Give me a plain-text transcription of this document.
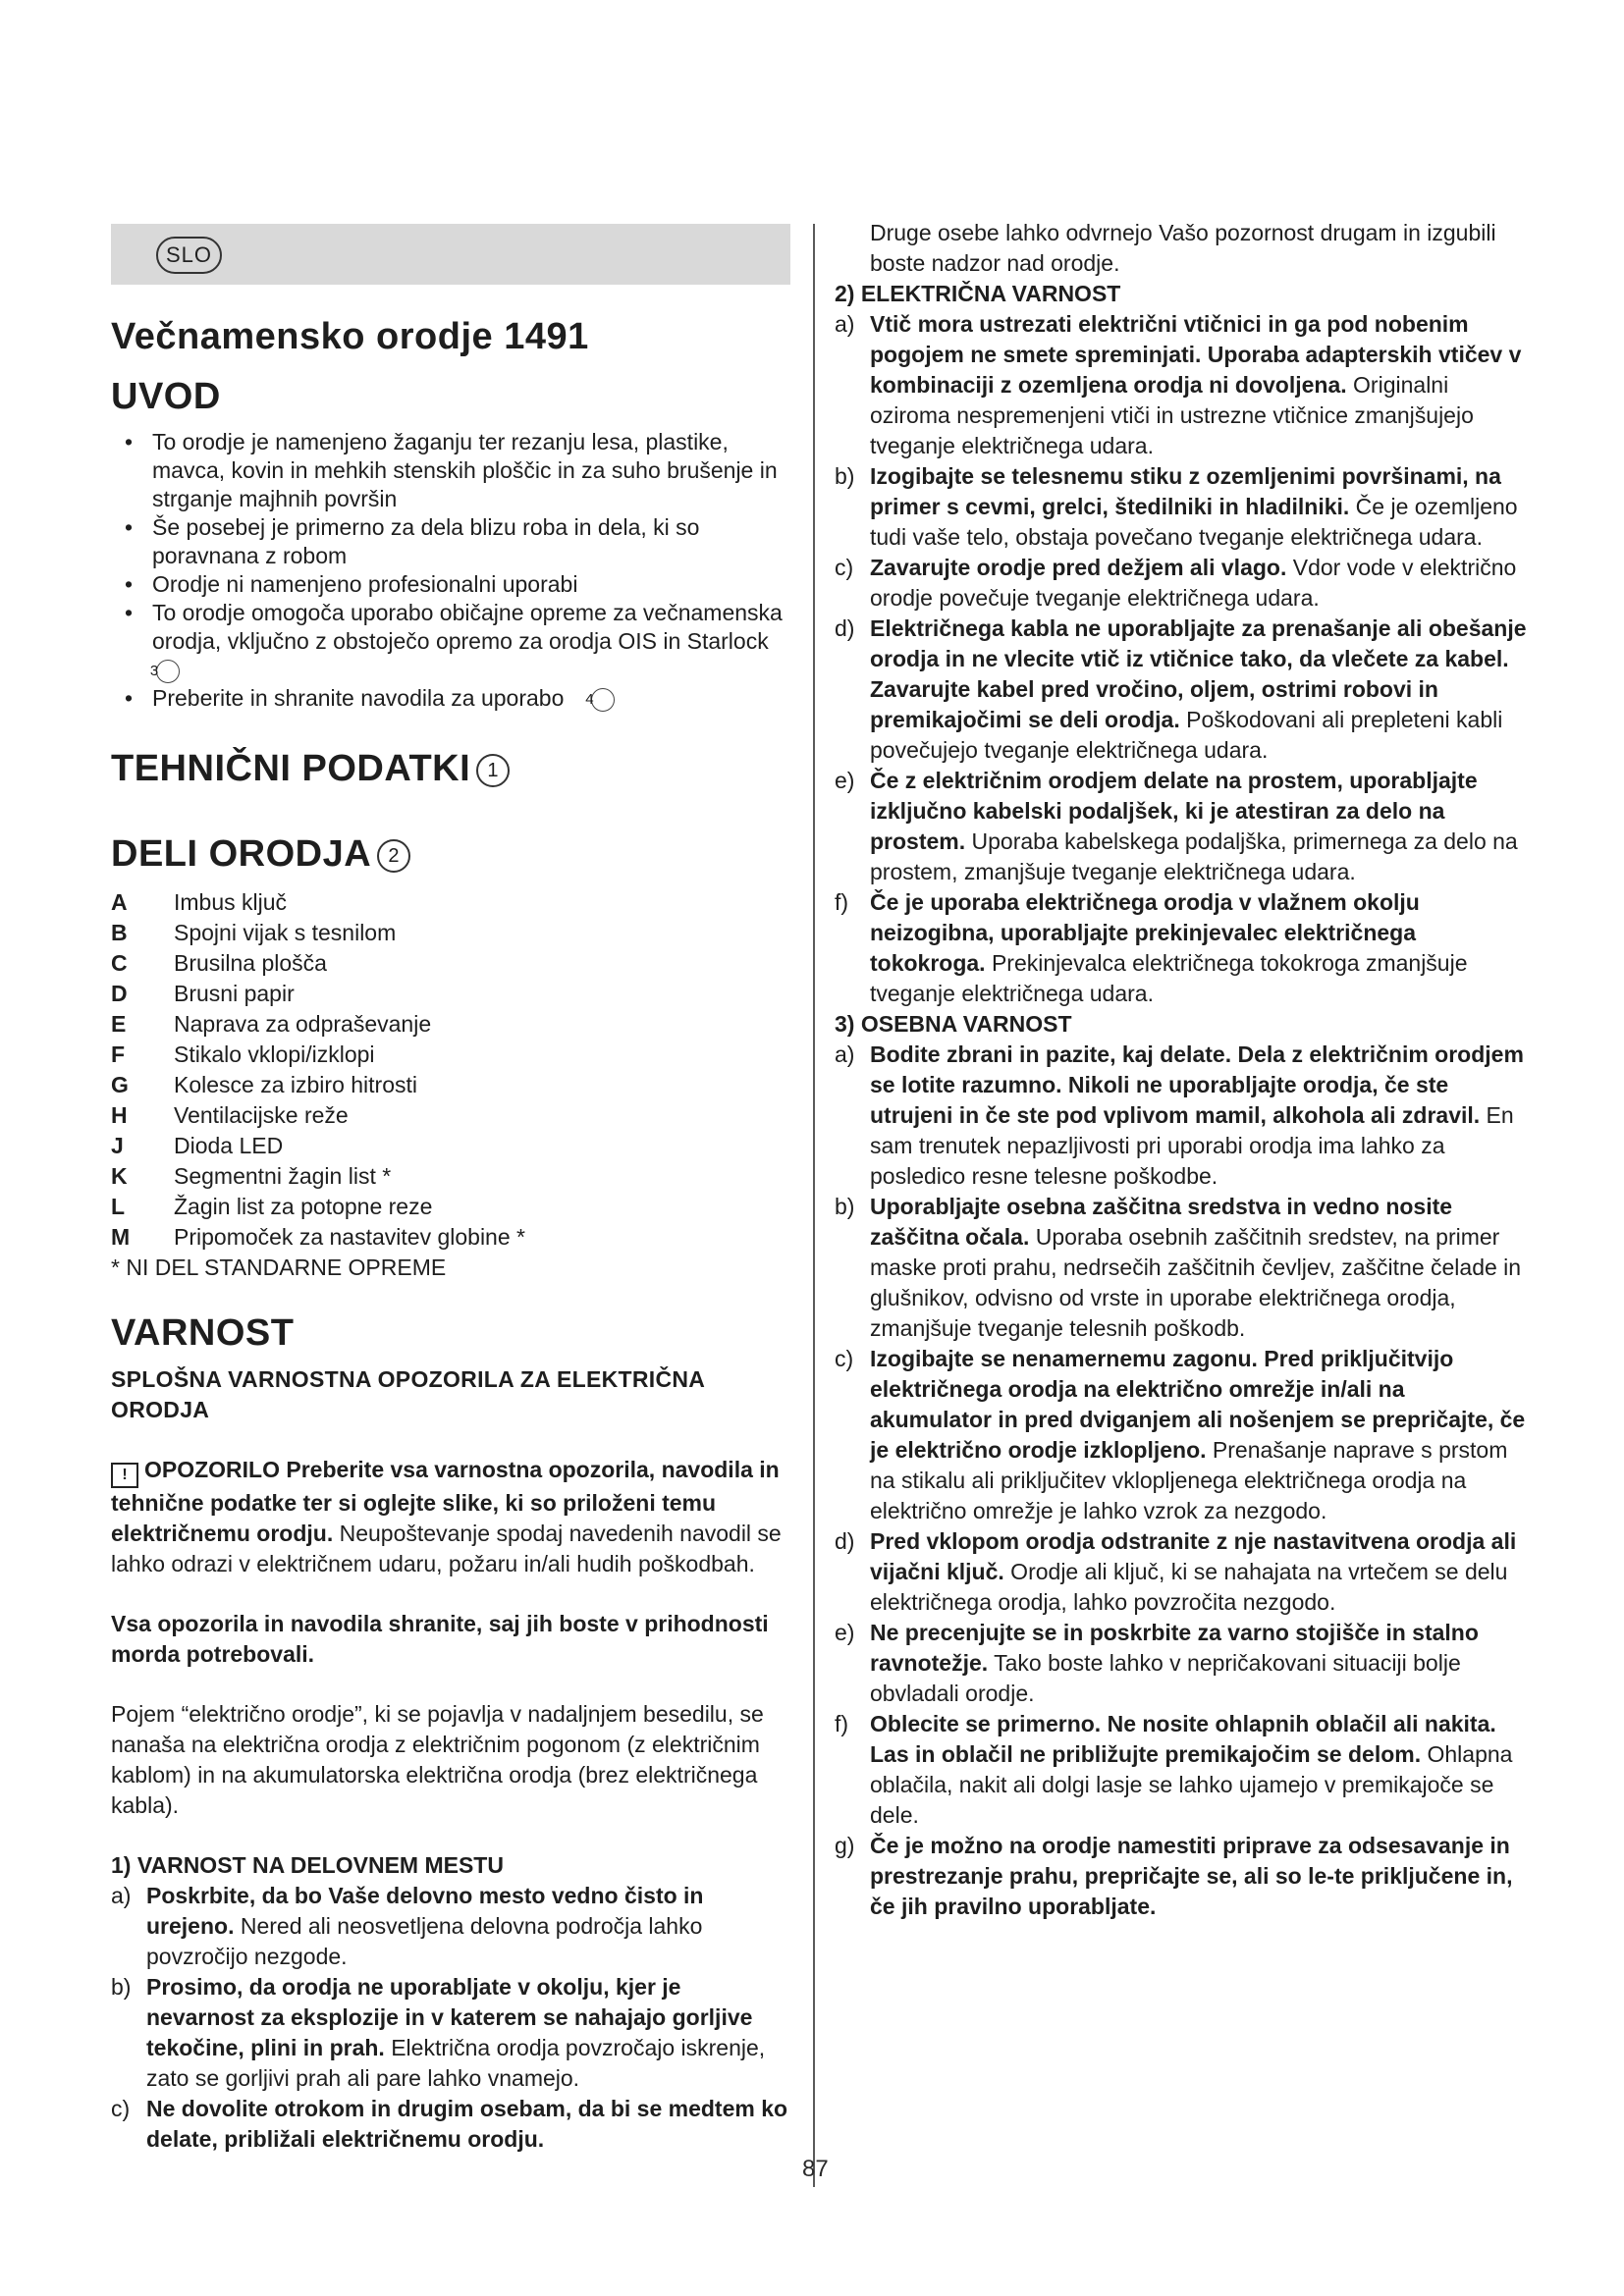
SLO
Večnamensko orodje 1491
UVOD
• To orodje je namenjeno žaganju ter rezanju lesa, plastike, mavca, kovin in mehkih stenskih ploščic in za suho brušenje in strganje majhnih površin
• Še posebej je primerno za dela blizu roba in dela, ki so poravnana z robom
• Orodje ni namenjeno profesionalni uporabi
• To orodje omogoča uporabo običajne opreme za večnamenska orodja, vključno z obstoječo opremo za orodja OIS in Starlock3
• Preberite in shranite navodila za uporabo 4
TEHNIČNI PODATKI 1
DELI ORODJA 2
A	Imbus ključ
B	Spojni vijak s tesnilom
C	Brusilna plošča
D	Brusni papir
E	Naprava za odpraševanje
F	Stikalo vklopi/izklopi
G	Kolesce za izbiro hitrosti
H	Ventilacijske reže
J	Dioda LED
K	Segmentni žagin list *
L	Žagin list za potopne reze
M	Pripomoček za nastavitev globine *
* NI DEL STANDARNE OPREME
VARNOST

SPLOŠNA VARNOSTNA OPOZORILA ZA ELEKTRIČNA ORODJA

! OPOZORILO Preberite vsa varnostna opozorila, navodila in tehnične podatke ter si oglejte slike, ki so priloženi temu električnemu orodju. Neupoštevanje spodaj navedenih navodil se lahko odrazi v električnem udaru, požaru in/ali hudih poškodbah.

Vsa opozorila in navodila shranite, saj jih boste v prihodnosti morda potrebovali.

Pojem “električno orodje”, ki se pojavlja v nadaljnjem besedilu, se nanaša na električna orodja z električnim pogonom (z električnim kablom) in na akumulatorska električna orodja (brez električnega kabla).

1) VARNOST NA DELOVNEM MESTU

a) Poskrbite, da bo Vaše delovno mesto vedno čisto in urejeno. Nered ali neosvetljena delovna področja lahko povzročijo nezgode.
b) Prosimo, da orodja ne uporabljate v okolju, kjer je nevarnost za eksplozije in v katerem se nahajajo gorljive tekočine, plini in prah. Električna orodja povzročajo iskrenje, zato se gorljivi prah ali pare lahko vnamejo.
c) Ne dovolite otrokom in drugim osebam, da bi se medtem ko delate, približali električnemu orodju.
Druge osebe lahko odvrnejo Vašo pozornost drugam in izgubili boste nadzor nad orodje.

2) ELEKTRIČNA VARNOST

a) Vtič mora ustrezati električni vtičnici in ga pod nobenim pogojem ne smete spreminjati. Uporaba adapterskih vtičev v kombinaciji z ozemljena orodja ni dovoljena. Originalni oziroma nespremenjeni vtiči in ustrezne vtičnice zmanjšujejo tveganje električnega udara.
b) Izogibajte se telesnemu stiku z ozemljenimi površinami, na primer s cevmi, grelci, štedilniki in hladilniki. Če je ozemljeno tudi vaše telo, obstaja povečano tveganje električnega udara.
c) Zavarujte orodje pred dežjem ali vlago. Vdor vode v električno orodje povečuje tveganje električnega udara.
d) Električnega kabla ne uporabljajte za prenašanje ali obešanje orodja in ne vlecite vtič iz vtičnice tako, da vlečete za kabel. Zavarujte kabel pred vročino, oljem, ostrimi robovi in premikajočimi se deli orodja. Poškodovani ali prepleteni kabli povečujejo tveganje električnega udara.
e) Če z električnim orodjem delate na prostem, uporabljajte izključno kabelski podaljšek, ki je atestiran za delo na prostem. Uporaba kabelskega podaljška, primernega za delo na prostem, zmanjšuje tveganje električnega udara.
f) Če je uporaba električnega orodja v vlažnem okolju neizogibna, uporabljajte prekinjevalec električnega tokokroga. Prekinjevalca električnega tokokroga zmanjšuje tveganje električnega udara.

3) OSEBNA VARNOST

a) Bodite zbrani in pazite, kaj delate. Dela z električnim orodjem se lotite razumno. Nikoli ne uporabljajte orodja, če ste utrujeni in če ste pod vplivom mamil, alkohola ali zdravil. En sam trenutek nepazljivosti pri uporabi orodja ima lahko za posledico resne telesne poškodbe.
b) Uporabljajte osebna zaščitna sredstva in vedno nosite zaščitna očala. Uporaba osebnih zaščitnih sredstev, na primer maske proti prahu, nedrsečih zaščitnih čevljev, zaščitne čelade in glušnikov, odvisno od vrste in uporabe električnega orodja, zmanjšuje tveganje telesnih poškodb.
c) Izogibajte se nenamernemu zagonu. Pred priključitvijo električnega orodja na električno omrežje in/ali na akumulator in pred dviganjem ali nošenjem se prepričajte, če je električno orodje izklopljeno. Prenašanje naprave s prstom na stikalu ali priključitev vklopljenega električnega orodja na električno omrežje je lahko vzrok za nezgodo.
d) Pred vklopom orodja odstranite z nje nastavitvena orodja ali vijačni ključ. Orodje ali ključ, ki se nahajata na vrtečem se delu električnega orodja, lahko povzročita nezgodo.
e) Ne precenjujte se in poskrbite za varno stojišče in stalno ravnotežje. Tako boste lahko v nepričakovani situaciji bolje obvladali orodje.
f) Oblecite se primerno. Ne nosite ohlapnih oblačil ali nakita. Las in oblačil ne približujte premikajočim se delom. Ohlapna oblačila, nakit ali dolgi lasje se lahko ujamejo v premikajoče se dele.
g) Če je možno na orodje namestiti priprave za odsesavanje in prestrezanje prahu, prepričajte se, ali so le-te priključene in, če jih pravilno uporabljate.
87
